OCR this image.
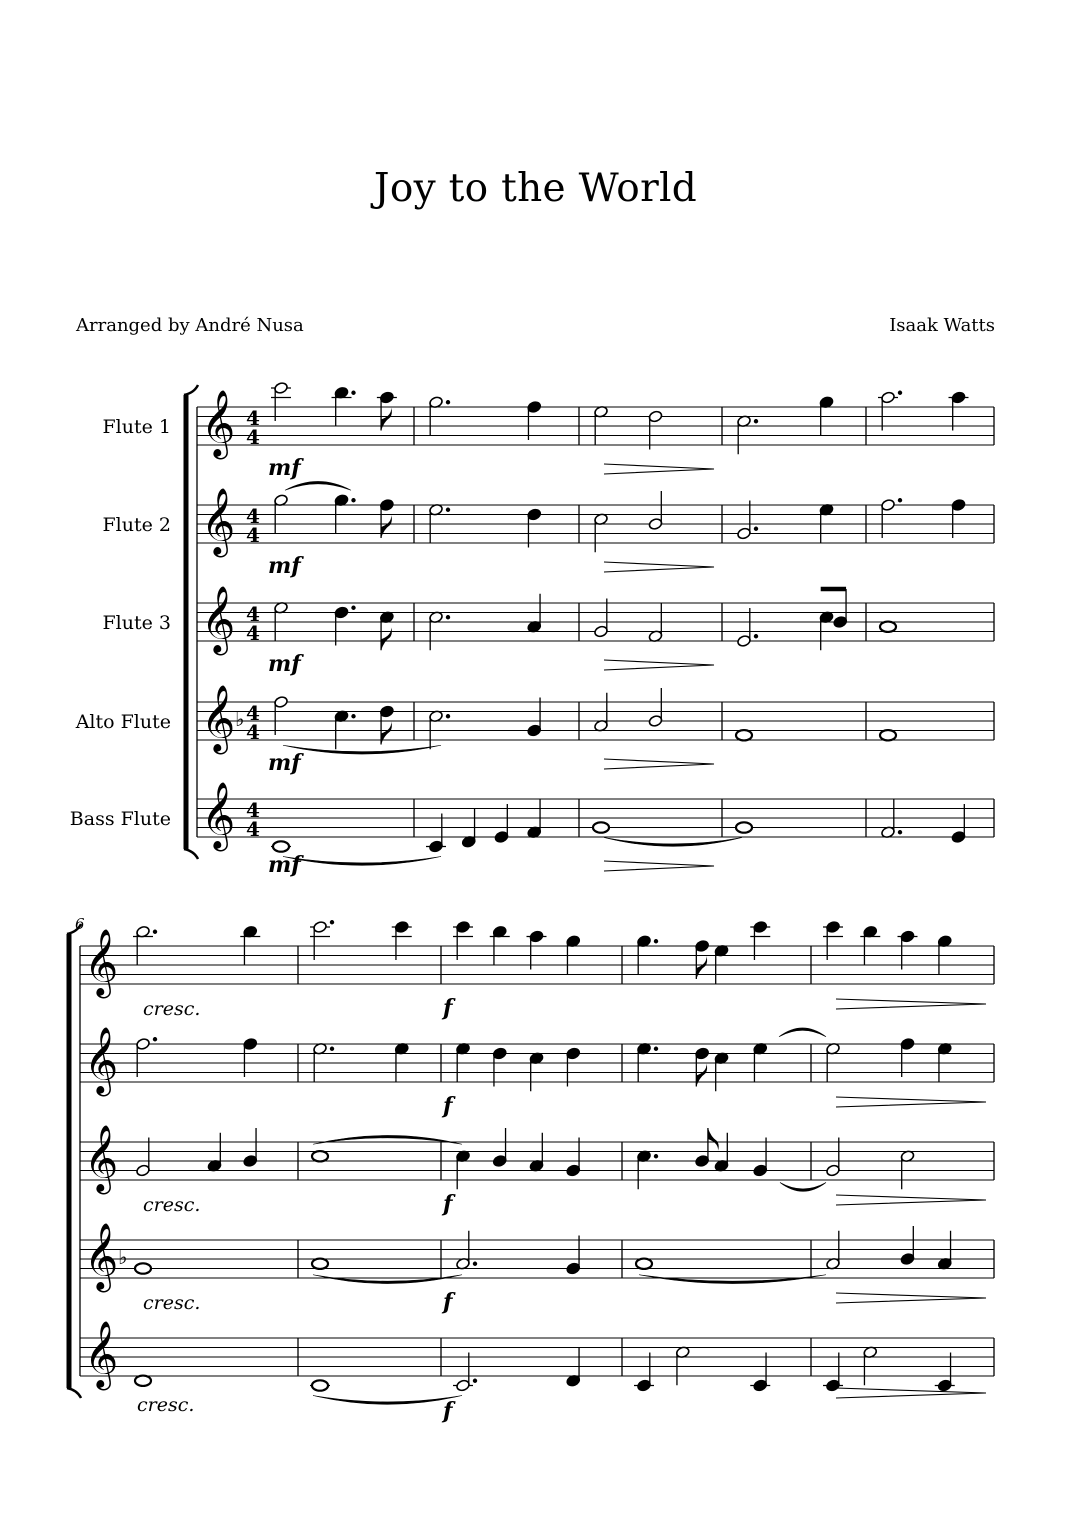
Joy to the World
Arranged by André Nusa	Isaak Watts
Flute 1 𝄞 4
4
Flute 2 𝄞 4
4
Flute 3 𝄞 4
4
Alto Flute 𝄞 ♭ 4
4
Bass Flute 𝄞 4
4
6
𝄞
𝄞
𝄞
𝄞 ♭
𝄞
mf
mf
mf
mf
mf
cresc.
cresc.
cresc.
cresc.
f
f
f
f
f
